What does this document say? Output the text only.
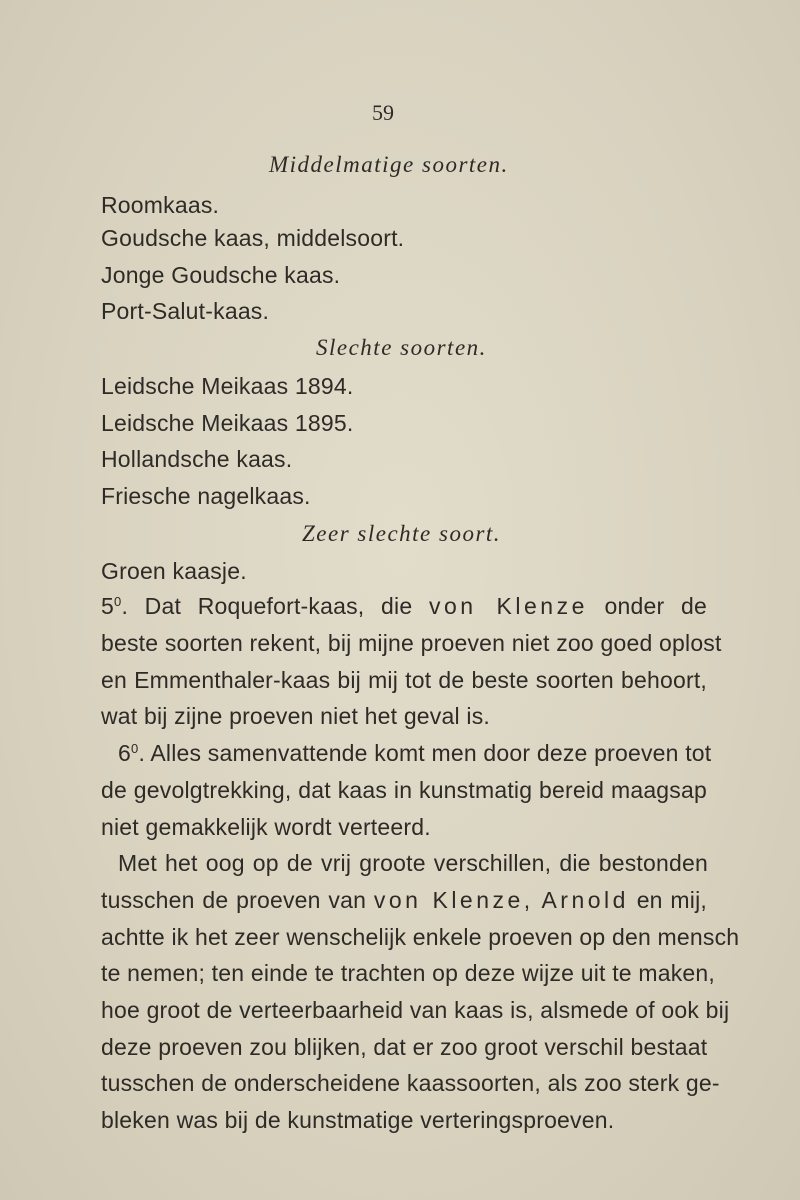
59
Middelmatige soorten.
Roomkaas.
Goudsche kaas, middelsoort.
Jonge Goudsche kaas.
Port-Salut-kaas.
Slechte soorten.
Leidsche Meikaas 1894.
Leidsche Meikaas 1895.
Hollandsche kaas.
Friesche nagelkaas.
Zeer slechte soort.
Groen kaasje.
$5^0$. Dat Roquefort-kaas, die von Klenze onder de
beste soorten rekent, bij mijne proeven niet zoo goed oplost
en Emmenthaler-kaas bij mij tot de beste soorten behoort,
wat bij zijne proeven niet het geval is.
$6^0$. Alles samenvattende komt men door deze proeven tot
de gevolgtrekking, dat kaas in kunstmatig bereid maagsap
niet gemakkelijk wordt verteerd.
Met het oog op de vrij groote verschillen, die bestonden
tusschen de proeven van von Klenze, Arnold en mij,
achtte ik het zeer wenschelijk enkele proeven op den mensch
te nemen; ten einde te trachten op deze wijze uit te maken,
hoe groot de verteerbaarheid van kaas is, alsmede of ook bij
deze proeven zou blijken, dat er zoo groot verschil bestaat
tusschen de onderscheidene kaassoorten, als zoo sterk ge-
bleken was bij de kunstmatige verteringsproeven.
